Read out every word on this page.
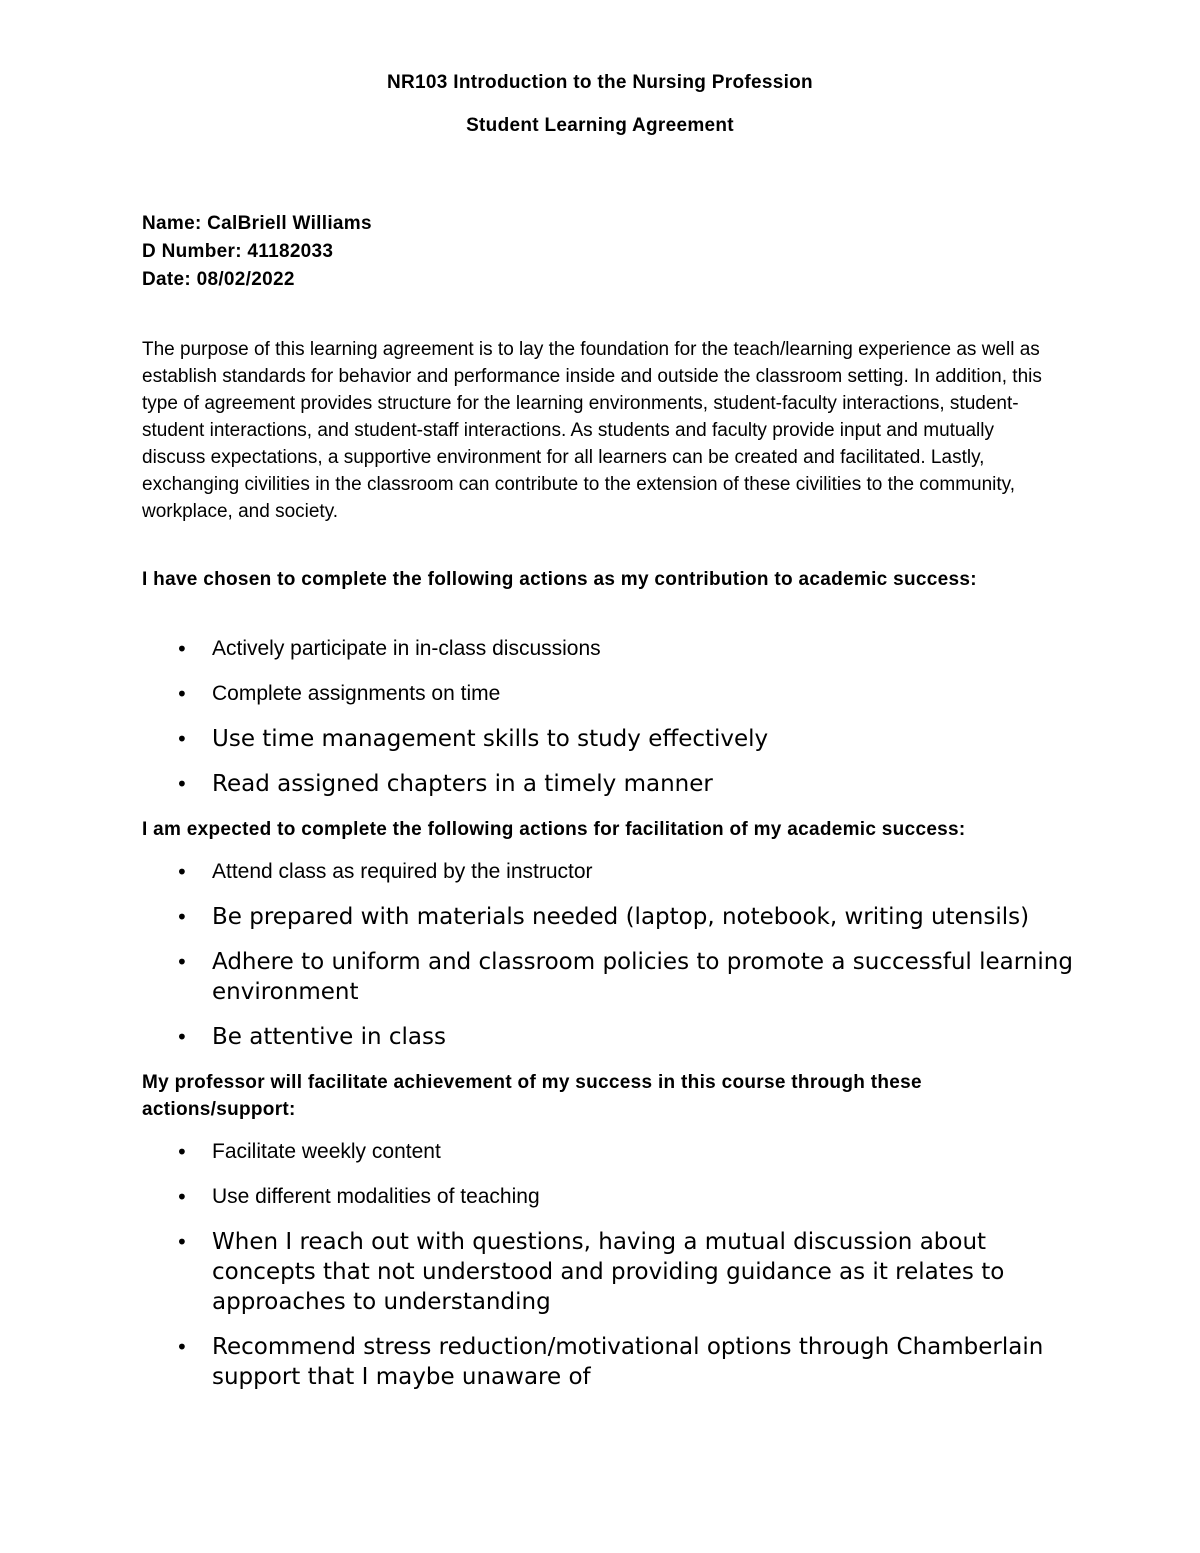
NR103 Introduction to the Nursing Profession
Student Learning Agreement
Name: CalBriell Williams
D Number: 41182033
Date: 08/02/2022

The purpose of this learning agreement is to lay the foundation for the teach/learning experience as well as establish standards for behavior and performance inside and outside the classroom setting. In addition, this type of agreement provides structure for the learning environments, student-faculty interactions, student-student interactions, and student-staff interactions. As students and faculty provide input and mutually discuss expectations, a supportive environment for all learners can be created and facilitated. Lastly, exchanging civilities in the classroom can contribute to the extension of these civilities to the community, workplace, and society.

I have chosen to complete the following actions as my contribution to academic success:

• Actively participate in in-class discussions
• Complete assignments on time
• Use time management skills to study effectively
• Read assigned chapters in a timely manner

I am expected to complete the following actions for facilitation of my academic success:

• Attend class as required by the instructor
• Be prepared with materials needed (laptop, notebook, writing utensils)
• Adhere to uniform and classroom policies to promote a successful learning environment
• Be attentive in class

My professor will facilitate achievement of my success in this course through these actions/support:

• Facilitate weekly content
• Use different modalities of teaching
• When I reach out with questions, having a mutual discussion about concepts that not understood and providing guidance as it relates to approaches to understanding
• Recommend stress reduction/motivational options through Chamberlain support that I maybe unaware of
